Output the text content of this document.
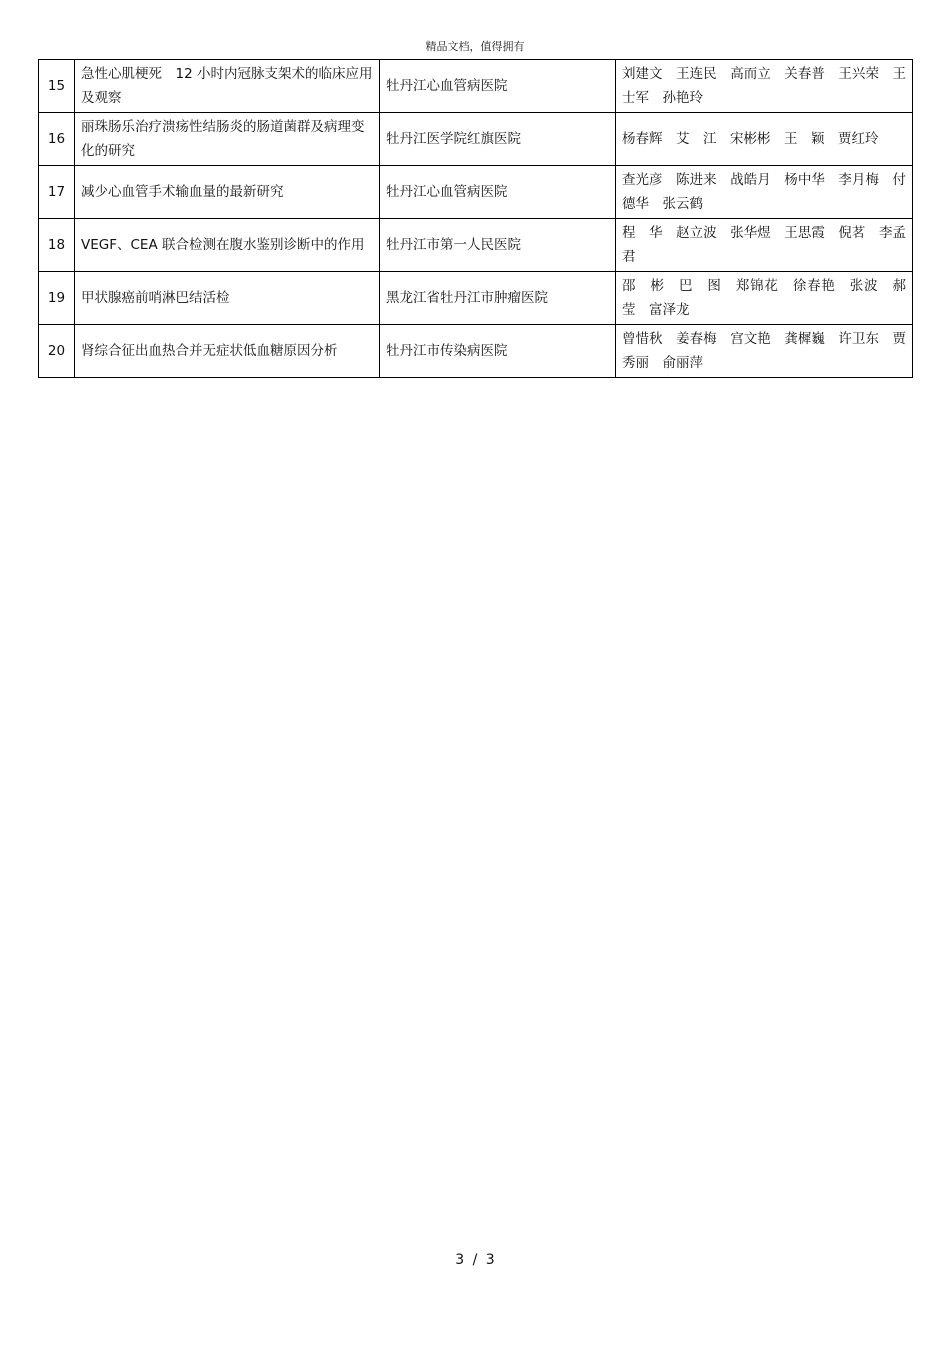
精品文档，值得拥有
15	急性心肌梗死　12 小时内冠脉支架术的临床应用及观察	牡丹江心血管病医院	刘建文　王连民　高而立　关春普　王兴荣　王士军　孙艳玲
16	丽珠肠乐治疗溃疡性结肠炎的肠道菌群及病理变化的研究	牡丹江医学院红旗医院	杨春辉　艾　江　宋彬彬　王　颖　贾红玲
17	减少心血管手术输血量的最新研究	牡丹江心血管病医院	查光彦　陈进来　战皓月　杨中华　李月梅　付德华　张云鹤
18	VEGF、CEA 联合检测在腹水鉴别诊断中的作用	牡丹江市第一人民医院	程　华　赵立波　张华煜　王思霞　倪茗　李孟君
19	甲状腺癌前哨淋巴结活检	黑龙江省牡丹江市肿瘤医院	邵　彬　巴　图　郑锦花　徐春艳　张波　郝　莹　富泽龙
20	肾综合征出血热合并无症状低血糖原因分析	牡丹江市传染病医院	曾惜秋　姜春梅　宫文艳　龚樨巍　许卫东　贾秀丽　俞丽萍
3 / 3
